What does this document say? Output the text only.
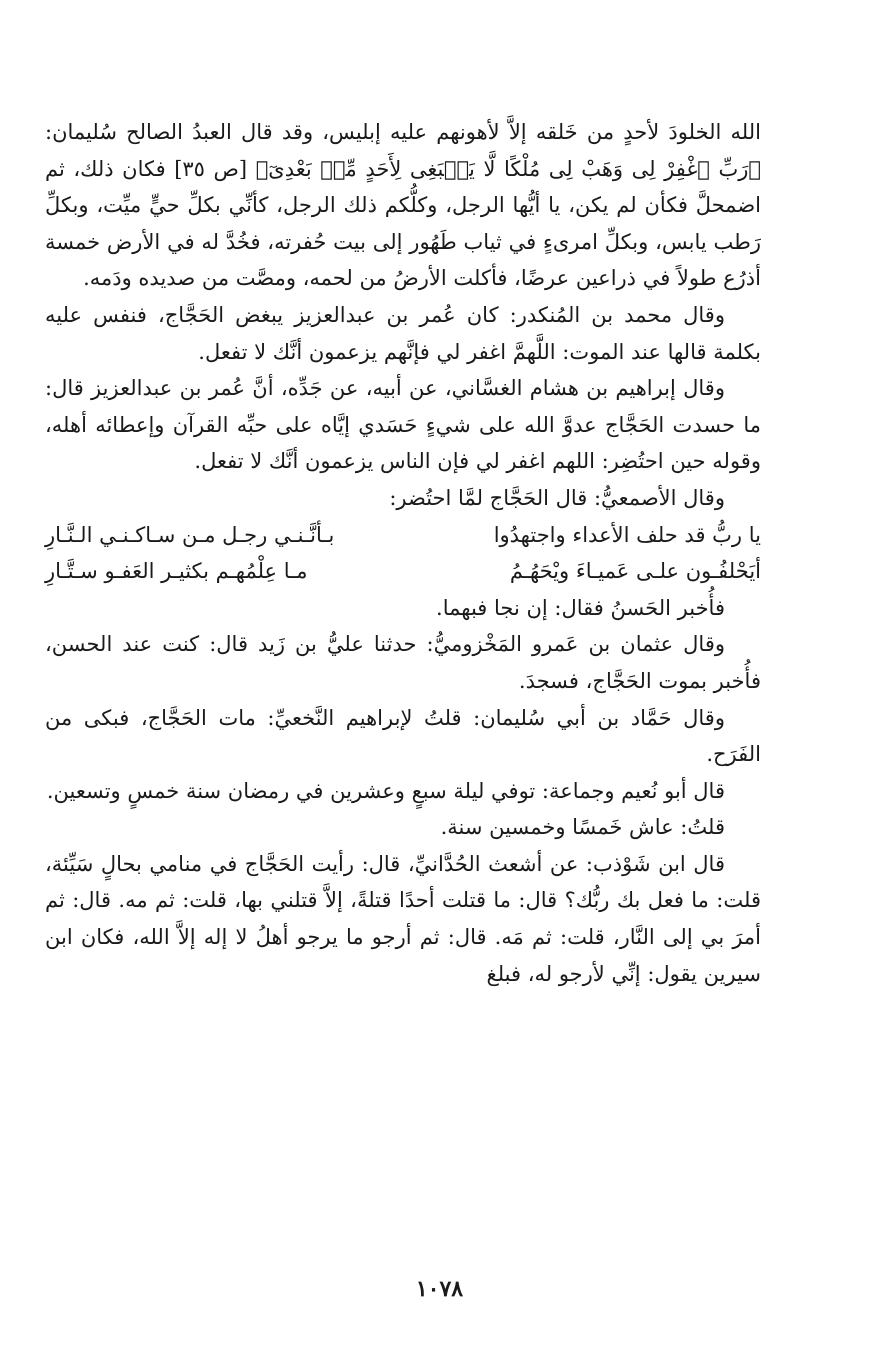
الله الخلودَ لأحدٍ من خَلقه إلاَّ لأهونهم عليه إبليس، وقد قال العبدُ الصالح سُليمان: ﴿رَبِّ ٱغْفِرْ لِى وَهَبْ لِى مُلْكًا لَّا يَنۢبَغِى لِأَحَدٍ مِّنۢ بَعْدِىٓ﴾ [ص ٣٥] فكان ذلك، ثم اضمحلَّ فكأن لم يكن، يا أيُّها الرجل، وكلُّكم ذلك الرجل، كأنِّي بكلِّ حيٍّ ميِّت، وبكلِّ رَطب يابس، وبكلِّ امرىءٍ في ثياب طَهُور إلى بيت حُفرته، فخُدَّ له في الأرض خمسة أذرُع طولاً في ذراعين عرضًا، فأكلت الأرضُ من لحمه، ومصَّت من صديده ودَمه.

وقال محمد بن المُنكدر: كان عُمر بن عبدالعزيز يبغض الحَجَّاج، فنفس عليه بكلمة قالها عند الموت: اللَّهمَّ اغفر لي فإنَّهم يزعمون أنَّك لا تفعل.

وقال إبراهيم بن هشام الغسَّاني، عن أبيه، عن جَدِّه، أنَّ عُمر بن عبدالعزيز قال: ما حسدت الحَجَّاج عدوَّ الله على شيءٍ حَسَدي إيَّاه على حبِّه القرآن وإعطائه أهله، وقوله حين احتُضِر: اللهم اغفر لي فإن الناس يزعمون أنَّك لا تفعل.

وقال الأصمعيُّ: قال الحَجَّاج لمَّا احتُضر:

يا ربُّ قد حلف الأعداء واجتهدُوا
بـأنَّـنـي رجـل مـن سـاكـنـي الـنَّـارِ
أيَحْلفُـون علـى عَميـاءَ ويْحَهُـمُ
مـا عِلْمُهـم بكثيـر العَفـو سـتَّـارِ

فأُخبر الحَسنُ فقال: إن نجا فبهما.

وقال عثمان بن عَمرو المَخْزوميُّ: حدثنا عليُّ بن زَيد قال: كنت عند الحسن، فأُخبر بموت الحَجَّاج، فسجدَ.

وقال حَمَّاد بن أبي سُليمان: قلتُ لإبراهيم النَّخعيِّ: مات الحَجَّاج، فبكى من الفَرَح.

قال أبو نُعيم وجماعة: توفي ليلة سبعٍ وعشرين في رمضان سنة خمسٍ وتسعين.

قلتُ: عاش خَمسًا وخمسين سنة.

قال ابن شَوْذب: عن أشعث الحُدَّانيِّ، قال: رأيت الحَجَّاج في منامي بحالٍ سَيِّئة، قلت: ما فعل بك ربُّك؟ قال: ما قتلت أحدًا قتلةً، إلاَّ قتلني بها، قلت: ثم مه. قال: ثم أمرَ بي إلى النَّار، قلت: ثم مَه. قال: ثم أرجو ما يرجو أهلُ لا إله إلاَّ الله، فكان ابن سيرين يقول: إنِّي لأرجو له، فبلغ

١٠٧٨
